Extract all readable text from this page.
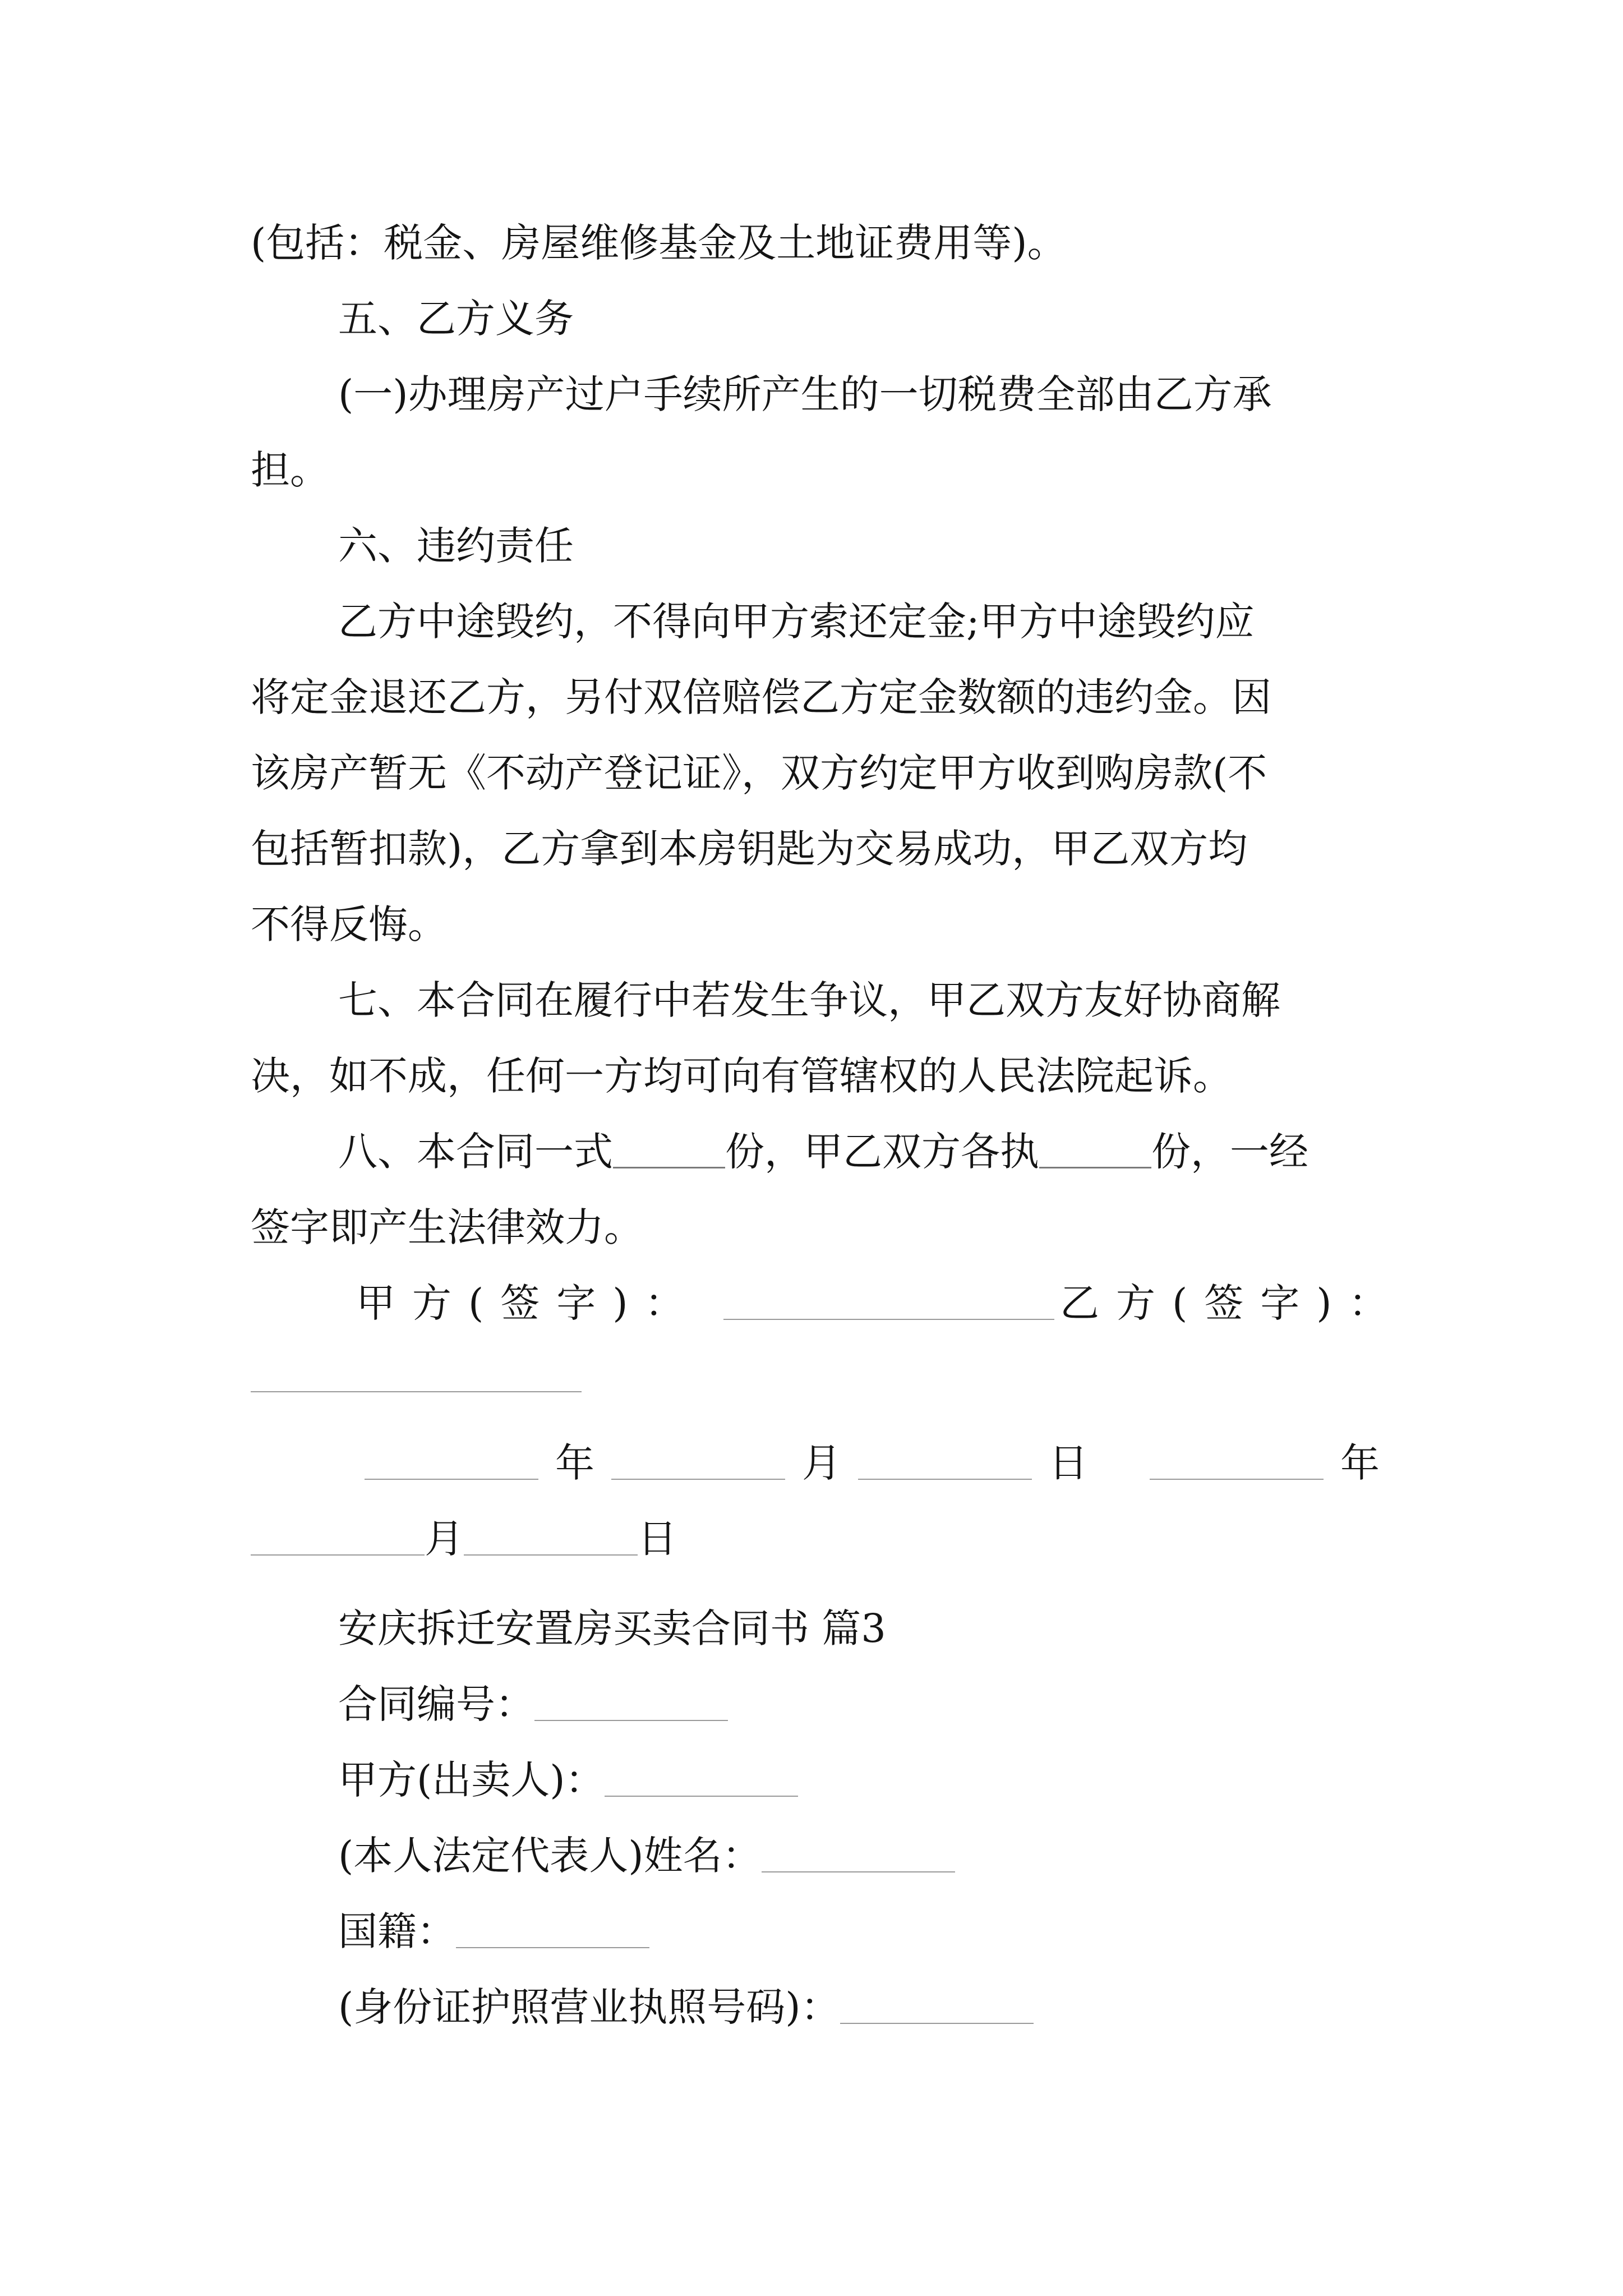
(包括：税金、房屋维修基金及土地证费用等)。
五、乙方义务
(一)办理房产过户手续所产生的一切税费全部由乙方承
担。
六、违约责任
乙方中途毁约，不得向甲方索还定金;甲方中途毁约应
将定金退还乙方，另付双倍赔偿乙方定金数额的违约金。因
该房产暂无《不动产登记证》，双方约定甲方收到购房款(不
包括暂扣款)，乙方拿到本房钥匙为交易成功，甲乙双方均
不得反悔。
七、本合同在履行中若发生争议，甲乙双方友好协商解
决，如不成，任何一方均可向有管辖权的人民法院起诉。
八、本合同一式	份，甲乙双方各执	份，一经
签字即产生法律效力。
甲方(签字)：	乙方(签字)：
年	月	日	年
月	日
安庆拆迁安置房买卖合同书 篇3
合同编号：
甲方(出卖人)：
(本人法定代表人)姓名：
国籍：
(身份证护照营业执照号码)：
